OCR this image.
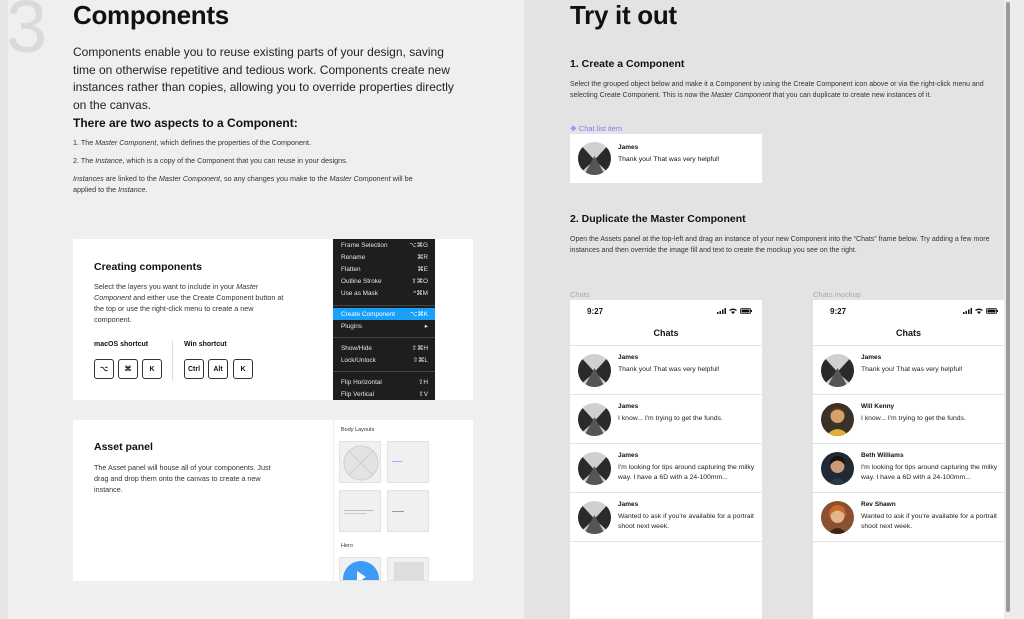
3 Components
Components enable you to reuse existing parts of your design, saving time on otherwise repetitive and tedious work. Components create new instances rather than copies, allowing you to override properties directly on the canvas.
There are two aspects to a Component:
1. The Master Component, which defines the properties of the Component.
2. The Instance, which is a copy of the Component that you can reuse in your designs.
Instances are linked to the Master Component, so any changes you make to the Master Component will be applied to the Instance.
Creating components
Select the layers you want to include in your Master Component and either use the Create Component button at the top or use the right-click menu to create a new component.
macOS shortcut
⌥	⌘	K
Win shortcut
Ctrl	Alt	K
Frame Selection	⌥⌘G
Rename	⌘R
Flatten	⌘E
Outline Stroke	⇧⌘O
Use as Mask	^⌘M
Create Component ⌥⌘K
Plugins	▸
Show/Hide	⇧⌘H
Lock/Unlock	⇧⌘L
Flip Horizontal	⇧H
Flip Vertical	⇧V
Asset panel
The Asset panel will house all of your components. Just drag and drop them onto the canvas to create a new instance.
Body Layouts
Hero
Try it out
1. Create a Component
Select the grouped object below and make it a Component by using the Create Component icon above or via the right-click menu and selecting Create Component. This is now the Master Component that you can duplicate to create new instances of it.
❖ Chat list item
James
Thank you! That was very helpful!
2. Duplicate the Master Component
Open the Assets panel at the top-left and drag an instance of your new Component into the “Chats” frame below. Try adding a few more instances and then override the image fill and text to create the mockup you see on the right.
Chats
9:27
Chats
James
Thank you! That was very helpful!
James
I know... I'm trying to get the funds.
James
I'm looking for tips around capturing the milky way. I have a 6D with a 24-100mm...
James
Wanted to ask if you're available for a portrait shoot next week.
Chats mockup
9:27
Chats
James
Thank you! That was very helpful!
Will Kenny
I know... I'm trying to get the funds.
Beth Williams
I'm looking for tips around capturing the milky way. I have a 6D with a 24-100mm...
Rev Shawn
Wanted to ask if you're available for a portrait shoot next week.
